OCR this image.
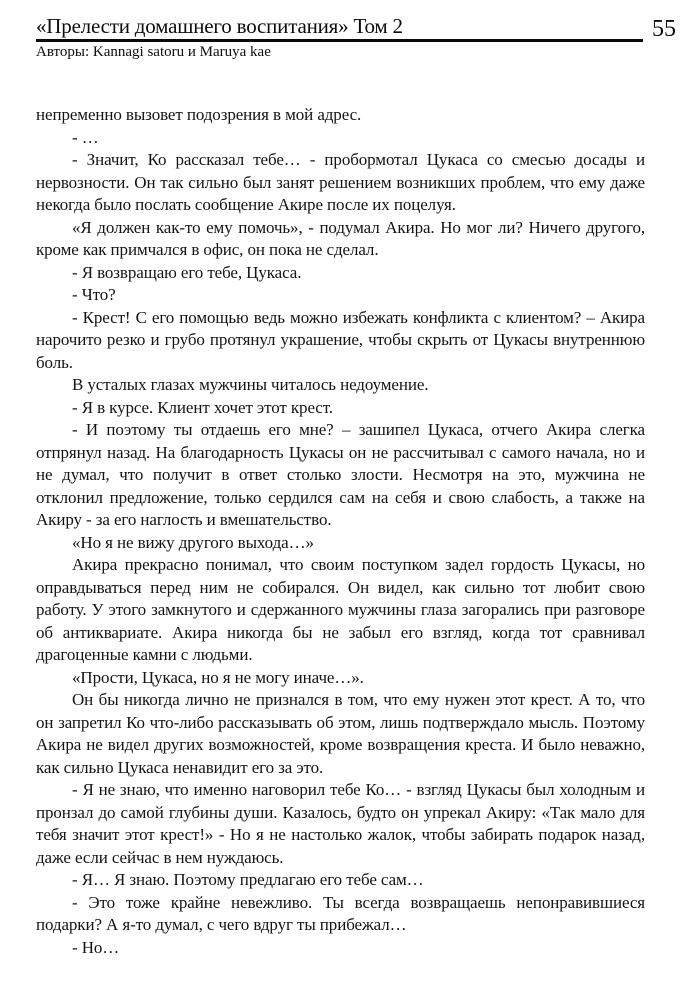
«Прелести домашнего воспитания» Том 2	55
Авторы: Kannagi satoru и Maruya kae

непременно вызовет подозрения в мой адрес.

- …

- Значит, Ко рассказал тебе… - пробормотал Цукаса со смесью досады и нервозности. Он так сильно был занят решением возникших проблем, что ему даже некогда было послать сообщение Акире после их поцелуя.

«Я должен как-то ему помочь», - подумал Акира. Но мог ли? Ничего другого, кроме как примчался в офис, он пока не сделал.

- Я возвращаю его тебе, Цукаса.

- Что?

- Крест! С его помощью ведь можно избежать конфликта с клиентом? – Акира нарочито резко и грубо протянул украшение, чтобы скрыть от Цукасы внутреннюю боль.

В усталых глазах мужчины читалось недоумение.

- Я в курсе. Клиент хочет этот крест.

- И поэтому ты отдаешь его мне? – зашипел Цукаса, отчего Акира слегка отпрянул назад. На благодарность Цукасы он не рассчитывал с самого начала, но и не думал, что получит в ответ столько злости. Несмотря на это, мужчина не отклонил предложение, только сердился сам на себя и свою слабость, а также на Акиру - за его наглость и вмешательство.

«Но я не вижу другого выхода…»

Акира прекрасно понимал, что своим поступком задел гордость Цукасы, но оправдываться перед ним не собирался. Он видел, как сильно тот любит свою работу. У этого замкнутого и сдержанного мужчины глаза загорались при разговоре об антиквариате. Акира никогда бы не забыл его взгляд, когда тот сравнивал драгоценные камни с людьми.

«Прости, Цукаса, но я не могу иначе…».

Он бы никогда лично не признался в том, что ему нужен этот крест. А то, что он запретил Ко что-либо рассказывать об этом, лишь подтверждало мысль. Поэтому Акира не видел других возможностей, кроме возвращения креста. И было неважно, как сильно Цукаса ненавидит его за это.

- Я не знаю, что именно наговорил тебе Ко… - взгляд Цукасы был холодным и пронзал до самой глубины души. Казалось, будто он упрекал Акиру: «Так мало для тебя значит этот крест!» - Но я не настолько жалок, чтобы забирать подарок назад, даже если сейчас в нем нуждаюсь.

- Я… Я знаю. Поэтому предлагаю его тебе сам…

- Это тоже крайне невежливо. Ты всегда возвращаешь непонравившиеся подарки? А я-то думал, с чего вдруг ты прибежал…

- Но…
